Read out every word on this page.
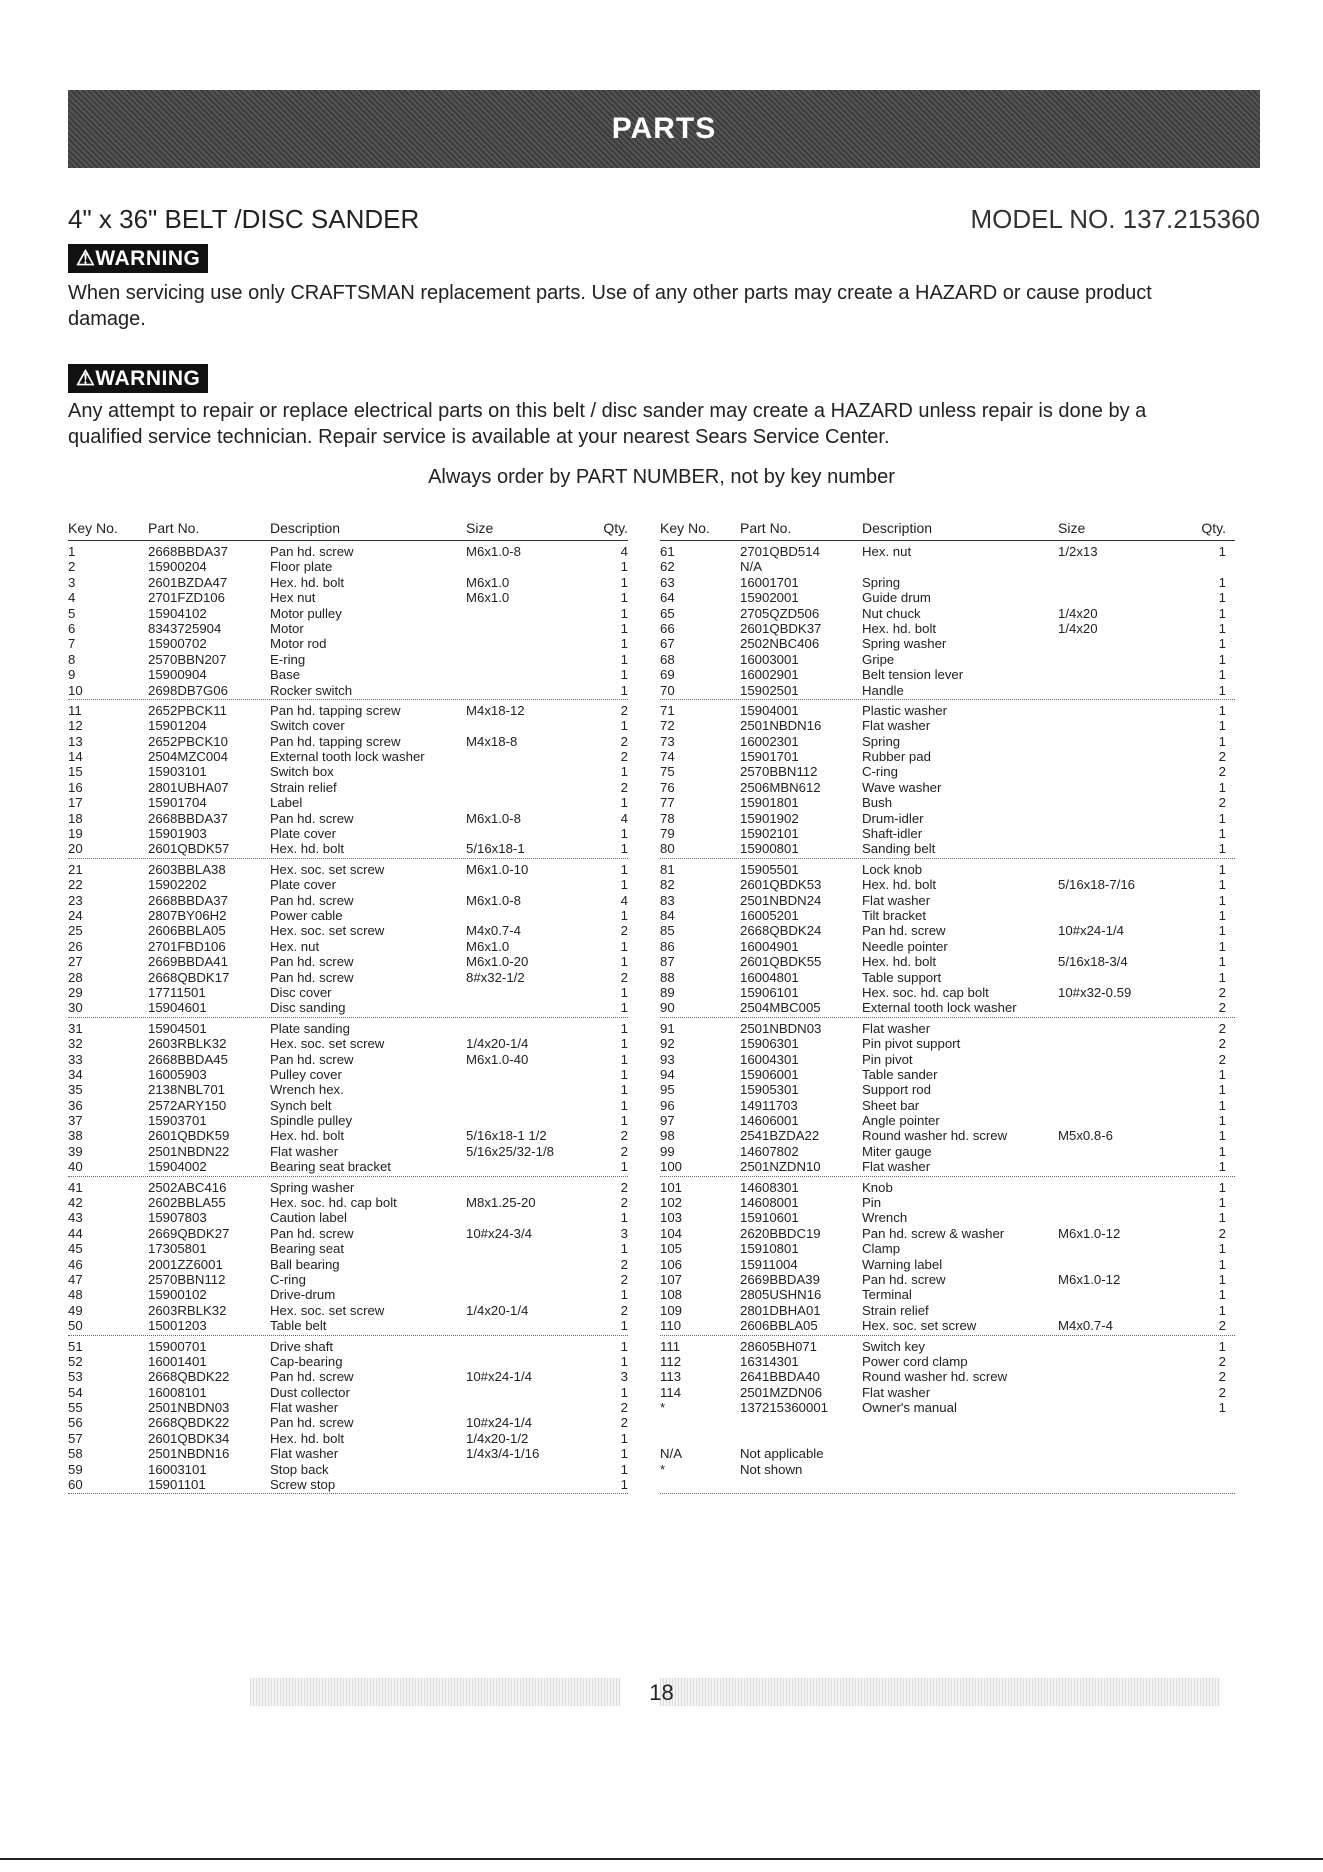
PARTS
4" x 36" BELT /DISC SANDER	MODEL NO. 137.215360
⚠WARNING
When servicing use only CRAFTSMAN replacement parts. Use of any other parts may create a HAZARD or cause product damage.
⚠WARNING
Any attempt to repair or replace electrical parts on this belt / disc sander may create a HAZARD unless repair is done by a qualified service technician. Repair service is available at your nearest Sears Service Center.
Always order by PART NUMBER, not by key number
Key No.	Part No.	Description	Size	Qty.
1	2668BBDA37	Pan hd. screw	M6x1.0-8	4
2	15900204	Floor plate	1
3	2601BZDA47	Hex. hd. bolt	M6x1.0	1
4	2701FZD106	Hex nut	M6x1.0	1
5	15904102	Motor pulley	1
6	8343725904	Motor	1
7	15900702	Motor rod	1
8	2570BBN207	E-ring	1
9	15900904	Base	1
10	2698DB7G06	Rocker switch	1
11	2652PBCK11	Pan hd. tapping screw	M4x18-12	2
12	15901204	Switch cover	1
13	2652PBCK10	Pan hd. tapping screw	M4x18-8	2
14	2504MZC004	External tooth lock washer	2
15	15903101	Switch box	1
16	2801UBHA07	Strain relief	2
17	15901704	Label	1
18	2668BBDA37	Pan hd. screw	M6x1.0-8	4
19	15901903	Plate cover	1
20	2601QBDK57	Hex. hd. bolt	5/16x18-1	1
21	2603BBLA38	Hex. soc. set screw	M6x1.0-10	1
22	15902202	Plate cover	1
23	2668BBDA37	Pan hd. screw	M6x1.0-8	4
24	2807BY06H2	Power cable	1
25	2606BBLA05	Hex. soc. set screw	M4x0.7-4	2
26	2701FBD106	Hex. nut	M6x1.0	1
27	2669BBDA41	Pan hd. screw	M6x1.0-20	1
28	2668QBDK17	Pan hd. screw	8#x32-1/2	2
29	17711501	Disc cover	1
30	15904601	Disc sanding	1
31	15904501	Plate sanding	1
32	2603RBLK32	Hex. soc. set screw	1/4x20-1/4	1
33	2668BBDA45	Pan hd. screw	M6x1.0-40	1
34	16005903	Pulley cover	1
35	2138NBL701	Wrench hex.	1
36	2572ARY150	Synch belt	1
37	15903701	Spindle pulley	1
38	2601QBDK59	Hex. hd. bolt	5/16x18-1 1/2	2
39	2501NBDN22	Flat washer	5/16x25/32-1/8	2
40	15904002	Bearing seat bracket	1
41	2502ABC416	Spring washer	2
42	2602BBLA55	Hex. soc. hd. cap bolt	M8x1.25-20	2
43	15907803	Caution label	1
44	2669QBDK27	Pan hd. screw	10#x24-3/4	3
45	17305801	Bearing seat	1
46	2001ZZ6001	Ball bearing	2
47	2570BBN112	C-ring	2
48	15900102	Drive-drum	1
49	2603RBLK32	Hex. soc. set screw	1/4x20-1/4	2
50	15001203	Table belt	1
51	15900701	Drive shaft	1
52	16001401	Cap-bearing	1
53	2668QBDK22	Pan hd. screw	10#x24-1/4	3
54	16008101	Dust collector	1
55	2501NBDN03	Flat washer	2
56	2668QBDK22	Pan hd. screw	10#x24-1/4	2
57	2601QBDK34	Hex. hd. bolt	1/4x20-1/2	1
58	2501NBDN16	Flat washer	1/4x3/4-1/16	1
59	16003101	Stop back	1
60	15901101	Screw stop	1
Key No.	Part No.	Description	Size	Qty.
61	2701QBD514	Hex. nut	1/2x13	1
62	N/A
63	16001701	Spring	1
64	15902001	Guide drum	1
65	2705QZD506	Nut chuck	1/4x20	1
66	2601QBDK37	Hex. hd. bolt	1/4x20	1
67	2502NBC406	Spring washer	1
68	16003001	Gripe	1
69	16002901	Belt tension lever	1
70	15902501	Handle	1
71	15904001	Plastic washer	1
72	2501NBDN16	Flat washer	1
73	16002301	Spring	1
74	15901701	Rubber pad	2
75	2570BBN112	C-ring	2
76	2506MBN612	Wave washer	1
77	15901801	Bush	2
78	15901902	Drum-idler	1
79	15902101	Shaft-idler	1
80	15900801	Sanding belt	1
81	15905501	Lock knob	1
82	2601QBDK53	Hex. hd. bolt	5/16x18-7/16	1
83	2501NBDN24	Flat washer	1
84	16005201	Tilt bracket	1
85	2668QBDK24	Pan hd. screw	10#x24-1/4	1
86	16004901	Needle pointer	1
87	2601QBDK55	Hex. hd. bolt	5/16x18-3/4	1
88	16004801	Table support	1
89	15906101	Hex. soc. hd. cap bolt	10#x32-0.59	2
90	2504MBC005	External tooth lock washer	2
91	2501NBDN03	Flat washer	2
92	15906301	Pin pivot support	2
93	16004301	Pin pivot	2
94	15906001	Table sander	1
95	15905301	Support rod	1
96	14911703	Sheet bar	1
97	14606001	Angle pointer	1
98	2541BZDA22	Round washer hd. screw	M5x0.8-6	1
99	14607802	Miter gauge	1
100	2501NZDN10	Flat washer	1
101	14608301	Knob	1
102	14608001	Pin	1
103	15910601	Wrench	1
104	2620BBDC19	Pan hd. screw & washer	M6x1.0-12	2
105	15910801	Clamp	1
106	15911004	Warning label	1
107	2669BBDA39	Pan hd. screw	M6x1.0-12	1
108	2805USHN16	Terminal	1
109	2801DBHA01	Strain relief	1
110	2606BBLA05	Hex. soc. set screw	M4x0.7-4	2
111	28605BH071	Switch key	1
112	16314301	Power cord clamp	2
113	2641BBDA40	Round washer hd. screw	2
114	2501MZDN06	Flat washer	2
*	137215360001	Owner's manual	1
N/A	Not applicable
*	Not shown
18
